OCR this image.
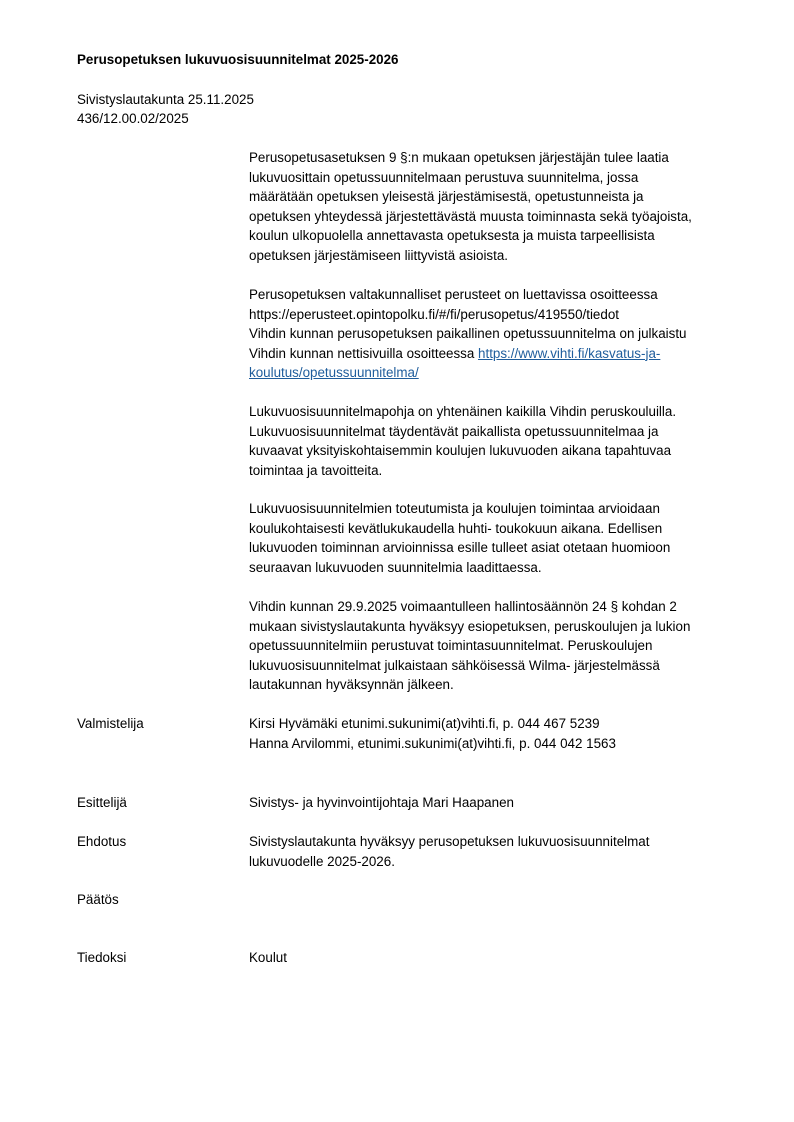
Perusopetuksen lukuvuosisuunnitelmat 2025-2026
Sivistyslautakunta 25.11.2025
436/12.00.02/2025
Perusopetusasetuksen 9 §:n mukaan opetuksen järjestäjän tulee laatia
lukuvuosittain opetussuunnitelmaan perustuva suunnitelma, jossa
määrätään opetuksen yleisestä järjestämisestä, opetustunneista ja
opetuksen yhteydessä järjestettävästä muusta toiminnasta sekä työajoista,
koulun ulkopuolella annettavasta opetuksesta ja muista tarpeellisista
opetuksen järjestämiseen liittyvistä asioista.
Perusopetuksen valtakunnalliset perusteet on luettavissa osoitteessa
https://eperusteet.opintopolku.fi/#/fi/perusopetus/419550/tiedot
Vihdin kunnan perusopetuksen paikallinen opetussuunnitelma on julkaistu
Vihdin kunnan nettisivuilla osoitteessa https://www.vihti.fi/kasvatus-ja-
koulutus/opetussuunnitelma/
Lukuvuosisuunnitelmapohja on yhtenäinen kaikilla Vihdin peruskouluilla.
Lukuvuosisuunnitelmat täydentävät paikallista opetussuunnitelmaa ja
kuvaavat yksityiskohtaisemmin koulujen lukuvuoden aikana tapahtuvaa
toimintaa ja tavoitteita.
Lukuvuosisuunnitelmien toteutumista ja koulujen toimintaa arvioidaan
koulukohtaisesti kevätlukukaudella huhti- toukokuun aikana. Edellisen
lukuvuoden toiminnan arvioinnissa esille tulleet asiat otetaan huomioon
seuraavan lukuvuoden suunnitelmia laadittaessa.
Vihdin kunnan 29.9.2025 voimaantulleen hallintosäännön 24 § kohdan 2
mukaan sivistyslautakunta hyväksyy esiopetuksen, peruskoulujen ja lukion
opetussuunnitelmiin perustuvat toimintasuunnitelmat. Peruskoulujen
lukuvuosisuunnitelmat julkaistaan sähköisessä Wilma- järjestelmässä
lautakunnan hyväksynnän jälkeen.
Valmistelija	Kirsi Hyvämäki etunimi.sukunimi(at)vihti.fi, p. 044 467 5239
Hanna Arvilommi, etunimi.sukunimi(at)vihti.fi, p. 044 042 1563
Esittelijä	Sivistys- ja hyvinvointijohtaja Mari Haapanen
Ehdotus	Sivistyslautakunta hyväksyy perusopetuksen lukuvuosisuunnitelmat
lukuvuodelle 2025-2026.
Päätös
Tiedoksi	Koulut
